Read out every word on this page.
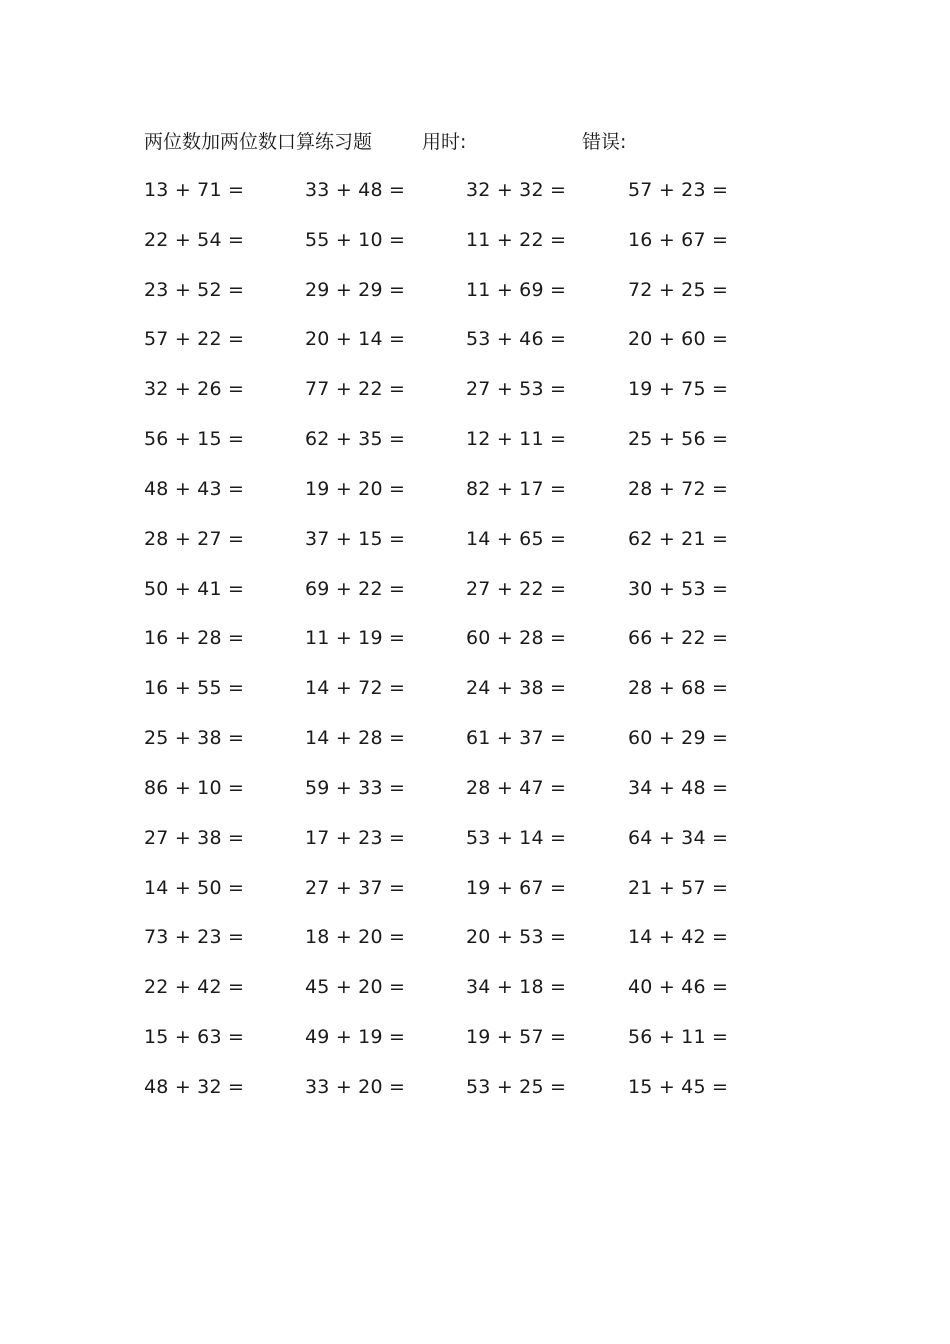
两位数加两位数口算练习题	用时:	错误:
13 + 71 =	33 + 48 =	32 + 32 =	57 + 23 =
22 + 54 =	55 + 10 =	11 + 22 =	16 + 67 =
23 + 52 =	29 + 29 =	11 + 69 =	72 + 25 =
57 + 22 =	20 + 14 =	53 + 46 =	20 + 60 =
32 + 26 =	77 + 22 =	27 + 53 =	19 + 75 =
56 + 15 =	62 + 35 =	12 + 11 =	25 + 56 =
48 + 43 =	19 + 20 =	82 + 17 =	28 + 72 =
28 + 27 =	37 + 15 =	14 + 65 =	62 + 21 =
50 + 41 =	69 + 22 =	27 + 22 =	30 + 53 =
16 + 28 =	11 + 19 =	60 + 28 =	66 + 22 =
16 + 55 =	14 + 72 =	24 + 38 =	28 + 68 =
25 + 38 =	14 + 28 =	61 + 37 =	60 + 29 =
86 + 10 =	59 + 33 =	28 + 47 =	34 + 48 =
27 + 38 =	17 + 23 =	53 + 14 =	64 + 34 =
14 + 50 =	27 + 37 =	19 + 67 =	21 + 57 =
73 + 23 =	18 + 20 =	20 + 53 =	14 + 42 =
22 + 42 =	45 + 20 =	34 + 18 =	40 + 46 =
15 + 63 =	49 + 19 =	19 + 57 =	56 + 11 =
48 + 32 =	33 + 20 =	53 + 25 =	15 + 45 =
